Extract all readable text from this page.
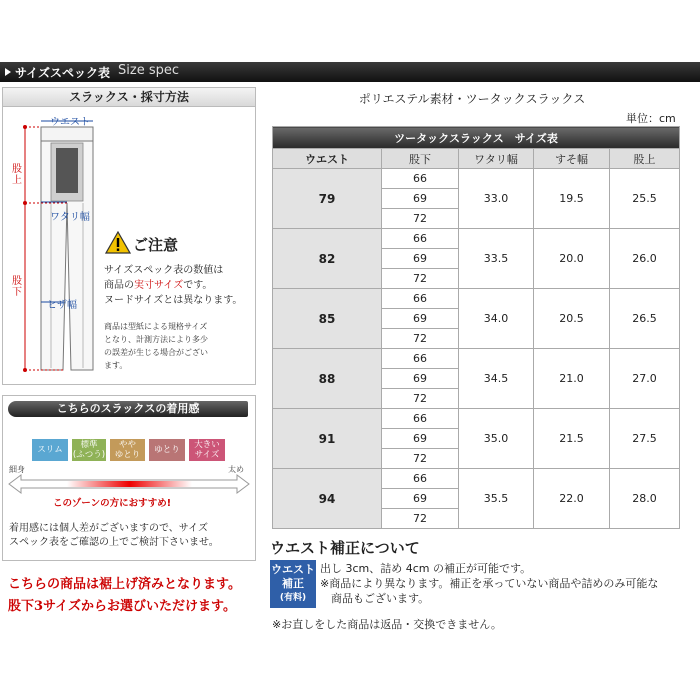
サイズスペック表 Size spec
スラックス・採寸方法
ウエスト
股
上
ワタリ幅
股
下
ヒザ幅
ご注意
サイズスペック表の数値は
商品の実寸サイズです。
ヌードサイズとは異なります。
商品は型紙による規格サイズ
となり、計測方法により多少
の誤差が生じる場合がござい
ます。
こちらのスラックスの着用感
スリム	標準
(ふつう)
やや
ゆとり	ゆとり	大きい
サイズ
細身	太め
このゾーンの方におすすめ!
着用感には個人差がございますので、サイズ
スペック表をご確認の上でご検討下さいませ。
こちらの商品は裾上げ済みとなります。
股下3サイズからお選びいただけます。
ポリエステル素材・ツータックスラックス
単位：cm
ツータックスラックス　サイズ表				
ウエスト	股下	ワタリ幅	すそ幅	股上
79	66	33.0	19.5	25.5
	69			
	72			
82	66	33.5	20.0	26.0
	69			
	72			
85	66	34.0	20.5	26.5
	69			
	72			
88	66	34.5	21.0	27.0
	69			
	72			
91	66	35.0	21.5	27.5
	69			
	72			
94	66	35.5	22.0	28.0
	69			
	72			
ウエスト補正について
ウエスト
補正
(有料)
出し 3cm、詰め 4cm の補正が可能です。
※商品により異なります。補正を承っていない商品や詰めのみ可能な
　商品もございます。
※お直しをした商品は返品・交換できません。
